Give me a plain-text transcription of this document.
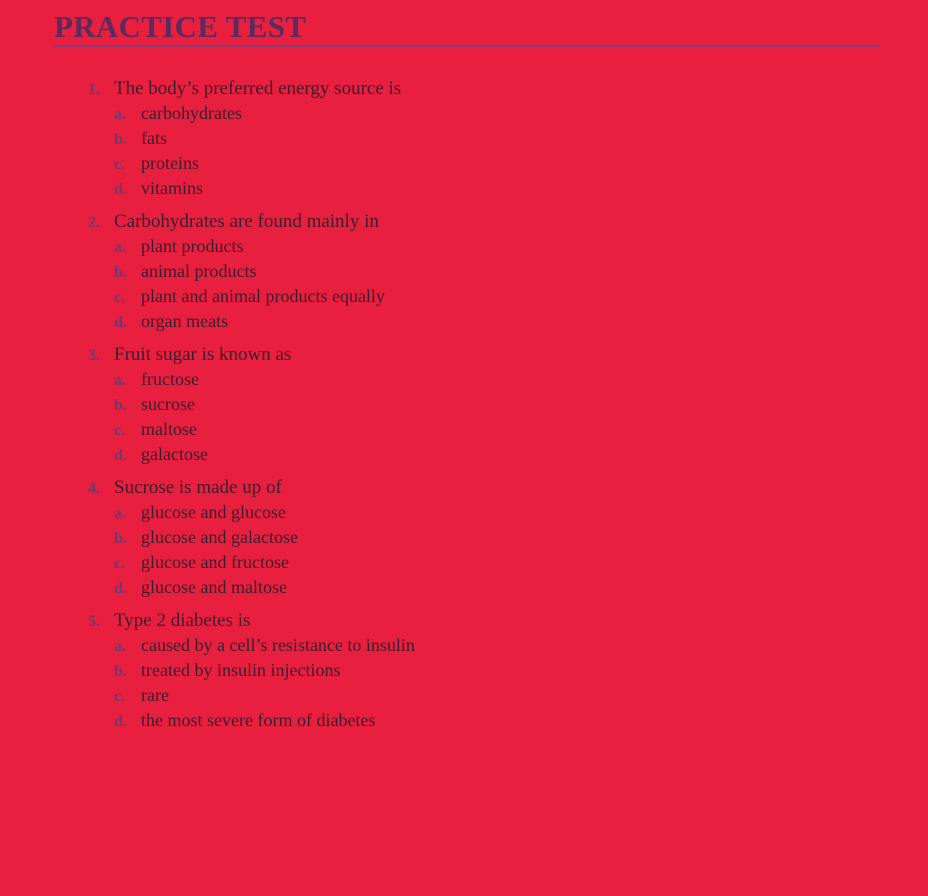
PRACTICE TEST
1. The body’s preferred energy source is
a. carbohydrates
b. fats
c. proteins
d. vitamins
2. Carbohydrates are found mainly in
a. plant products
b. animal products
c. plant and animal products equally
d. organ meats
3. Fruit sugar is known as
a. fructose
b. sucrose
c. maltose
d. galactose
4. Sucrose is made up of
a. glucose and glucose
b. glucose and galactose
c. glucose and fructose
d. glucose and maltose
5. Type 2 diabetes is
a. caused by a cell’s resistance to insulin
b. treated by insulin injections
c. rare
d. the most severe form of diabetes
